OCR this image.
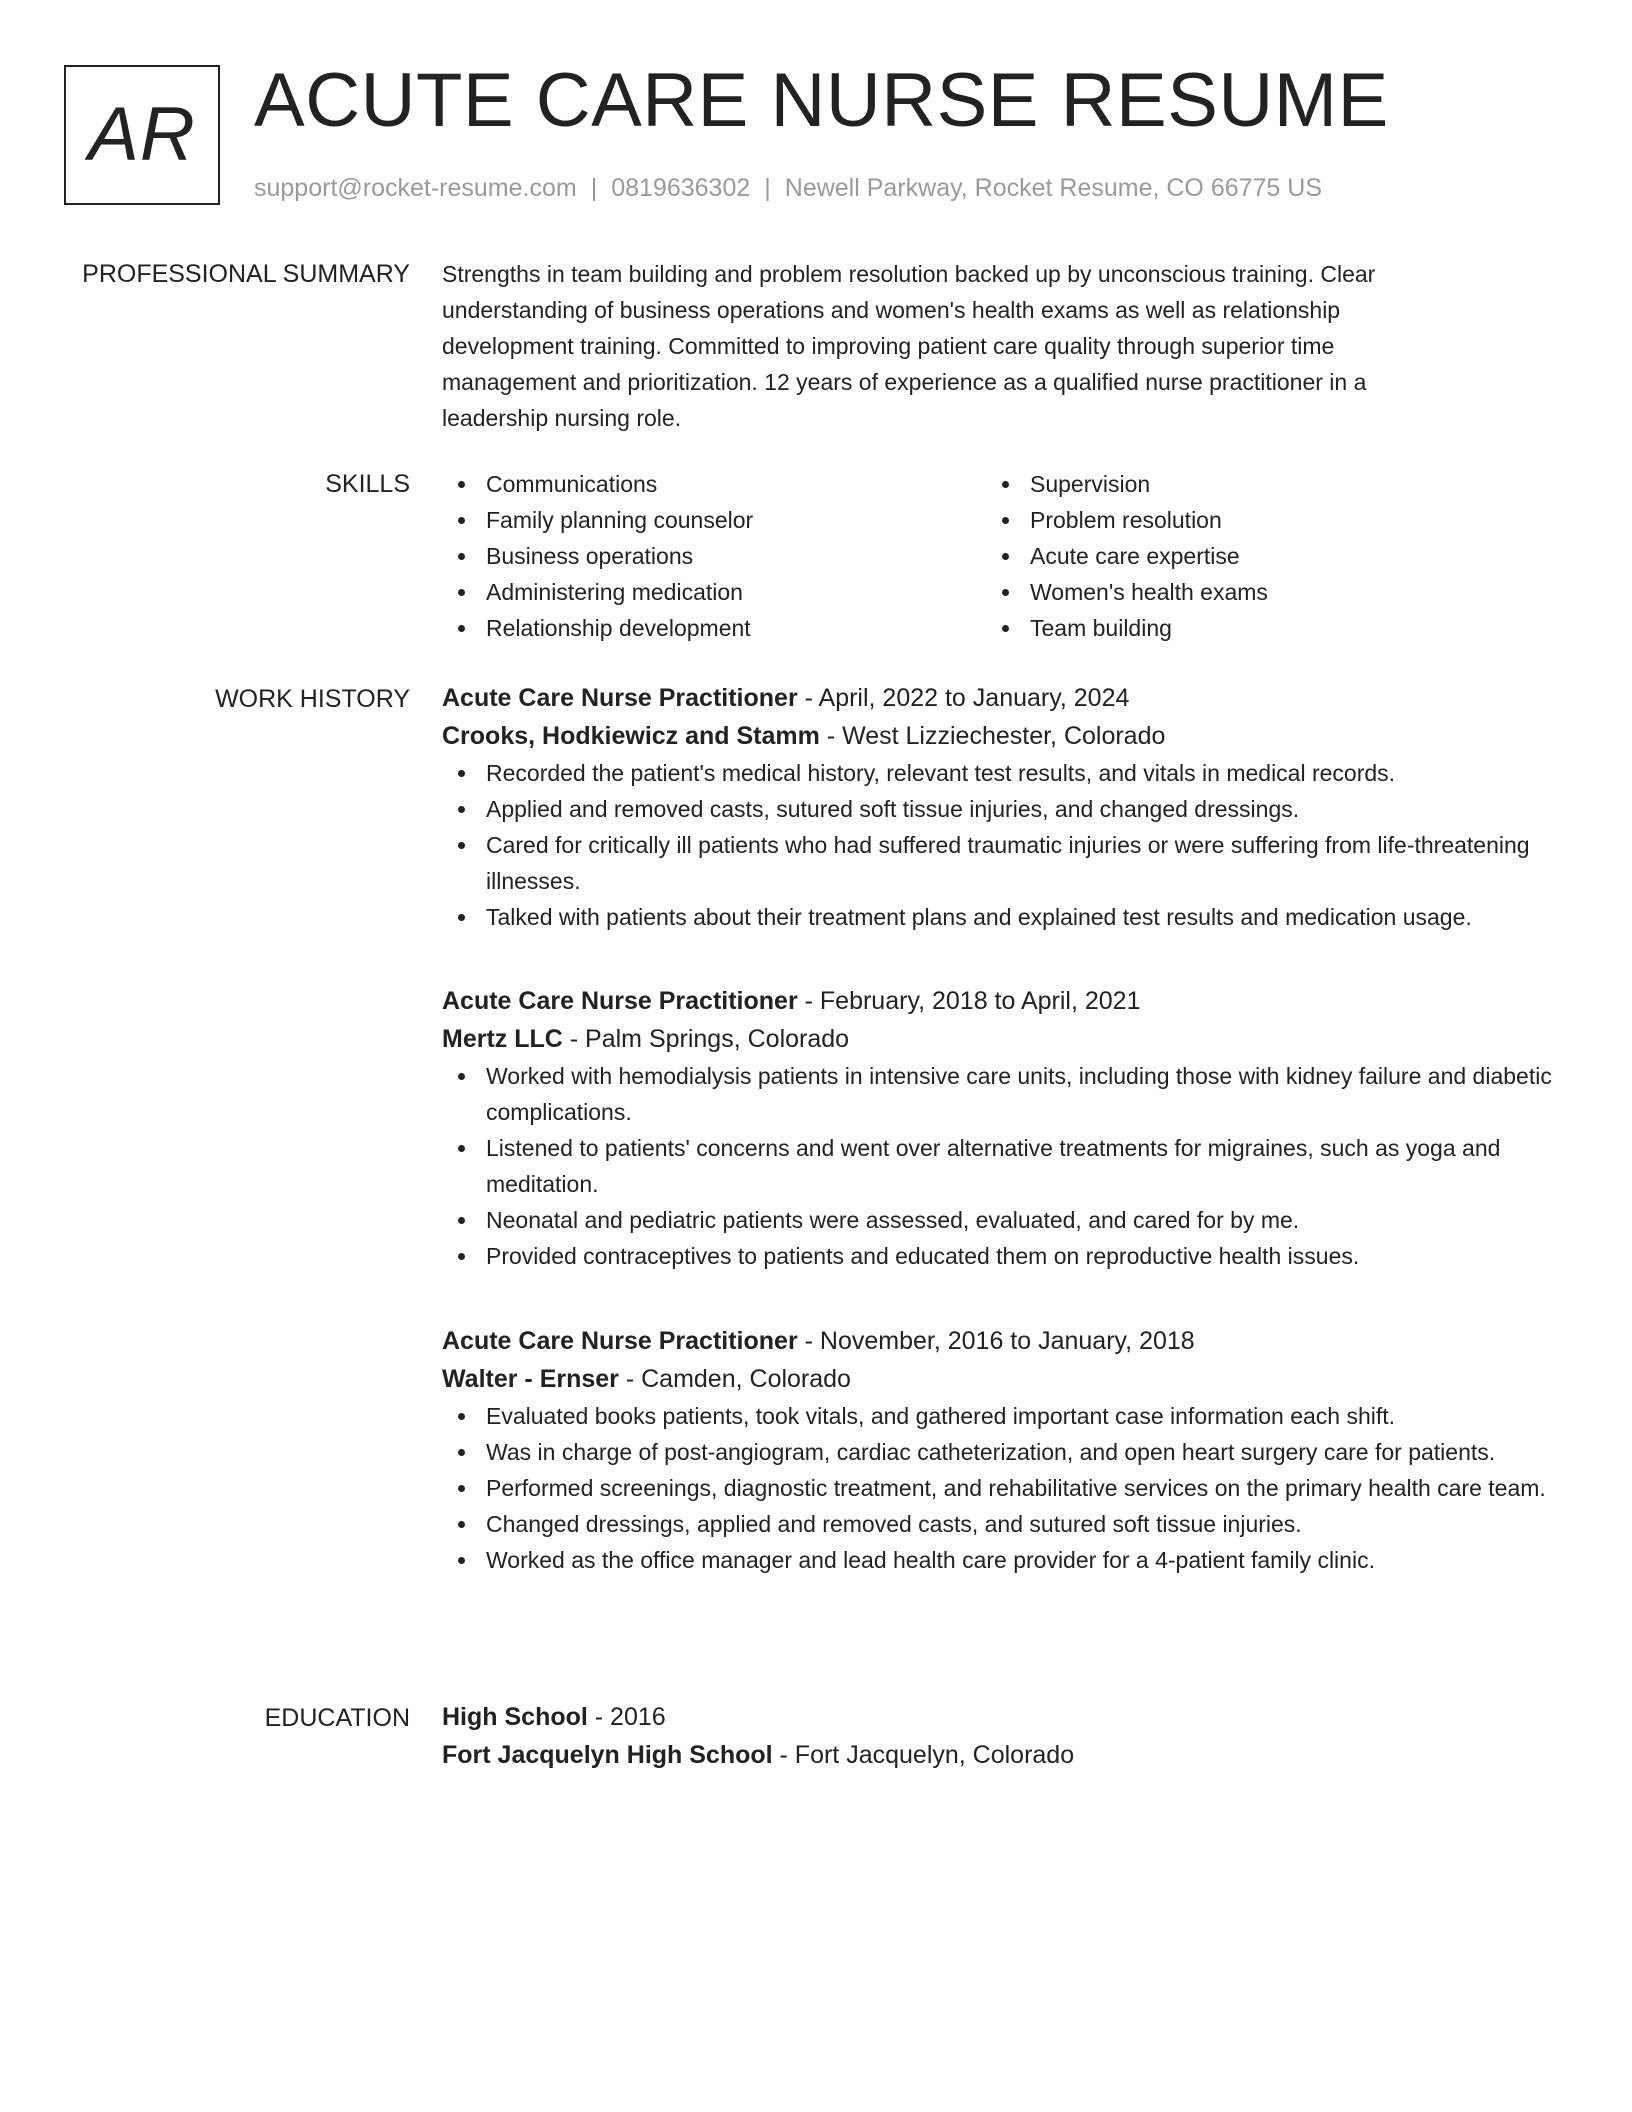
AR ACUTE CARE NURSE RESUME
support@rocket-resume.com | 0819636302 | Newell Parkway, Rocket Resume, CO 66775 US
PROFESSIONAL SUMMARY Strengths in team building and problem resolution backed up by unconscious training. Clear understanding of business operations and women's health exams as well as relationship development training. Committed to improving patient care quality through superior time management and prioritization. 12 years of experience as a qualified nurse practitioner in a leadership nursing role.

SKILLS	Communications
Family planning counselor
Business operations
Administering medication
Relationship development
Supervision
Problem resolution
Acute care expertise
Women's health exams
Team building
WORK HISTORY Acute Care Nurse Practitioner - April, 2022 to January, 2024
Crooks, Hodkiewicz and Stamm - West Lizziechester, Colorado
Recorded the patient's medical history, relevant test results, and vitals in medical records.
Applied and removed casts, sutured soft tissue injuries, and changed dressings.
Cared for critically ill patients who had suffered traumatic injuries or were suffering from life-threatening illnesses.
Talked with patients about their treatment plans and explained test results and medication usage.
Acute Care Nurse Practitioner - February, 2018 to April, 2021
Mertz LLC - Palm Springs, Colorado
Worked with hemodialysis patients in intensive care units, including those with kidney failure and diabetic complications.
Listened to patients' concerns and went over alternative treatments for migraines, such as yoga and meditation.
Neonatal and pediatric patients were assessed, evaluated, and cared for by me.
Provided contraceptives to patients and educated them on reproductive health issues.
Acute Care Nurse Practitioner - November, 2016 to January, 2018
Walter - Ernser - Camden, Colorado
Evaluated books patients, took vitals, and gathered important case information each shift.
Was in charge of post-angiogram, cardiac catheterization, and open heart surgery care for patients.
Performed screenings, diagnostic treatment, and rehabilitative services on the primary health care team.
Changed dressings, applied and removed casts, and sutured soft tissue injuries.
Worked as the office manager and lead health care provider for a 4-patient family clinic.
EDUCATION High School - 2016
Fort Jacquelyn High School - Fort Jacquelyn, Colorado
